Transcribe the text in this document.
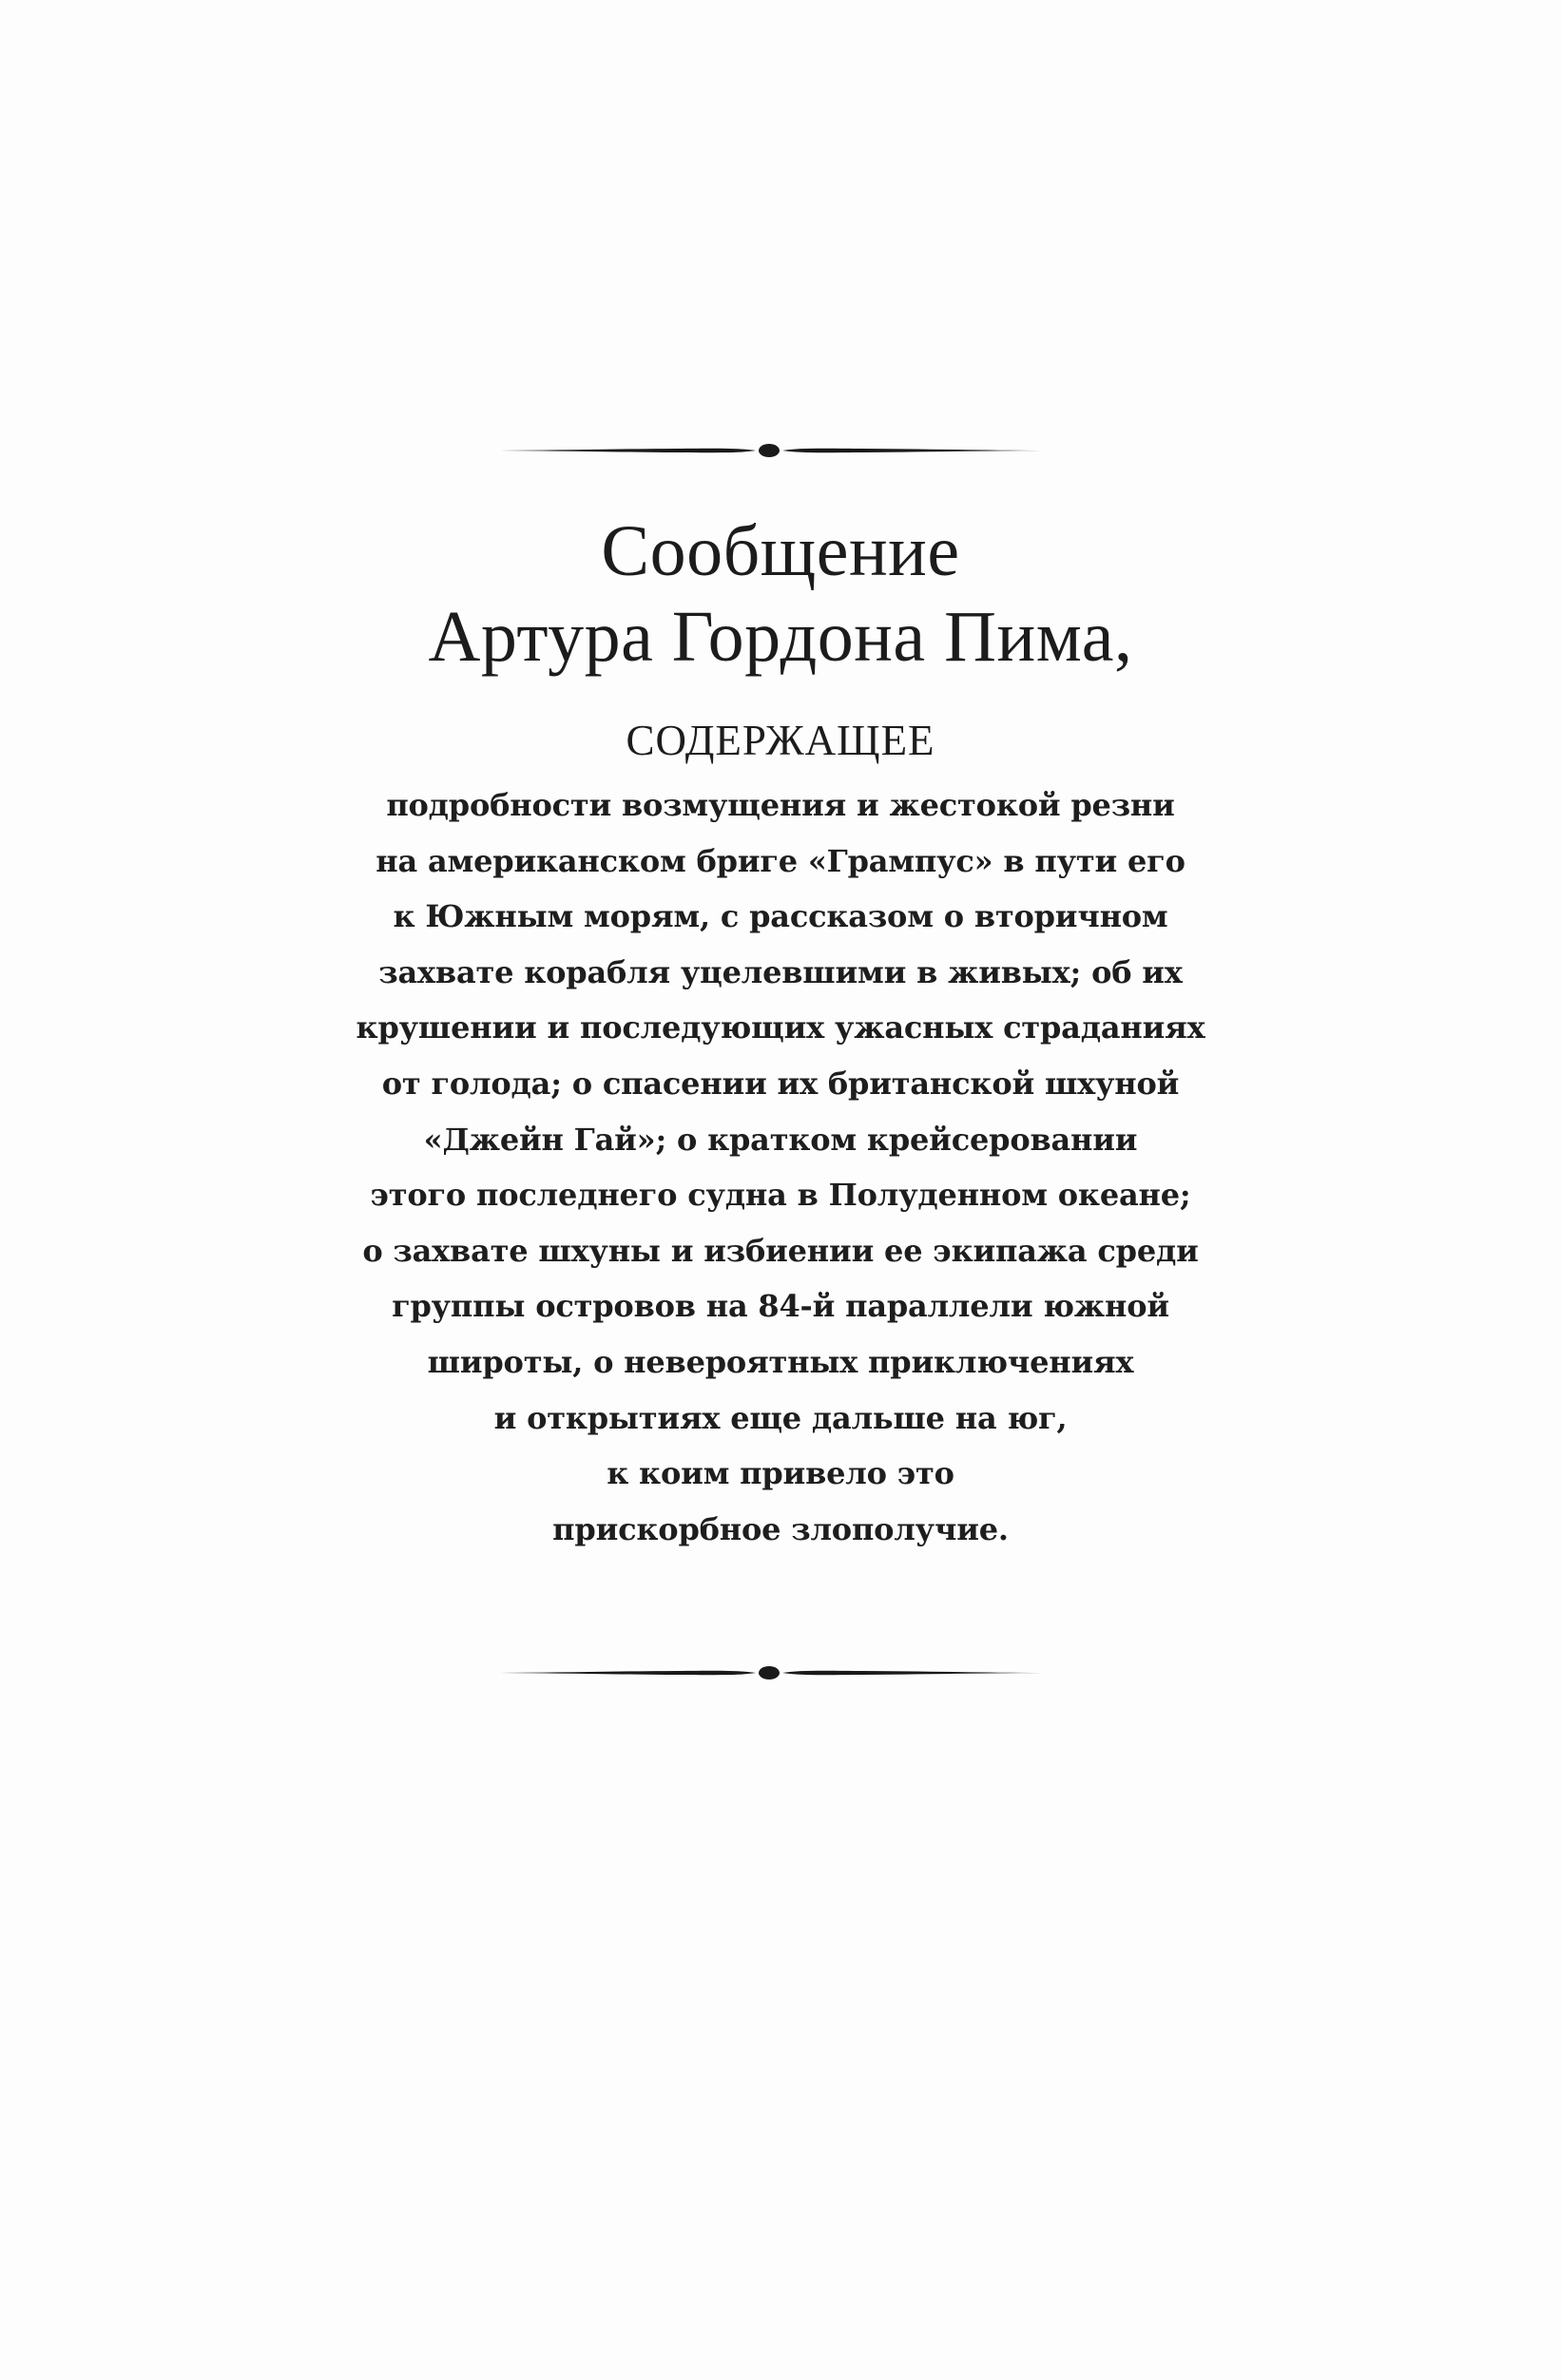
Сообщение
Артура Гордона Пима,
СОДЕРЖАЩЕЕ
подробности возмущения и жестокой резни
на американском бриге «Грампус» в пути его
к Южным морям, с рассказом о вторичном
захвате корабля уцелевшими в живых; об их
крушении и последующих ужасных страданиях
от голода; о спасении их британской шхуной
«Джейн Гай»; о кратком крейсеровании
этого последнего судна в Полуденном океане;
о захвате шхуны и избиении ее экипажа среди
группы островов на 84-й параллели южной
широты, о невероятных приключениях
и открытиях еще дальше на юг,
к коим привело это
прискорбное злополучие.
